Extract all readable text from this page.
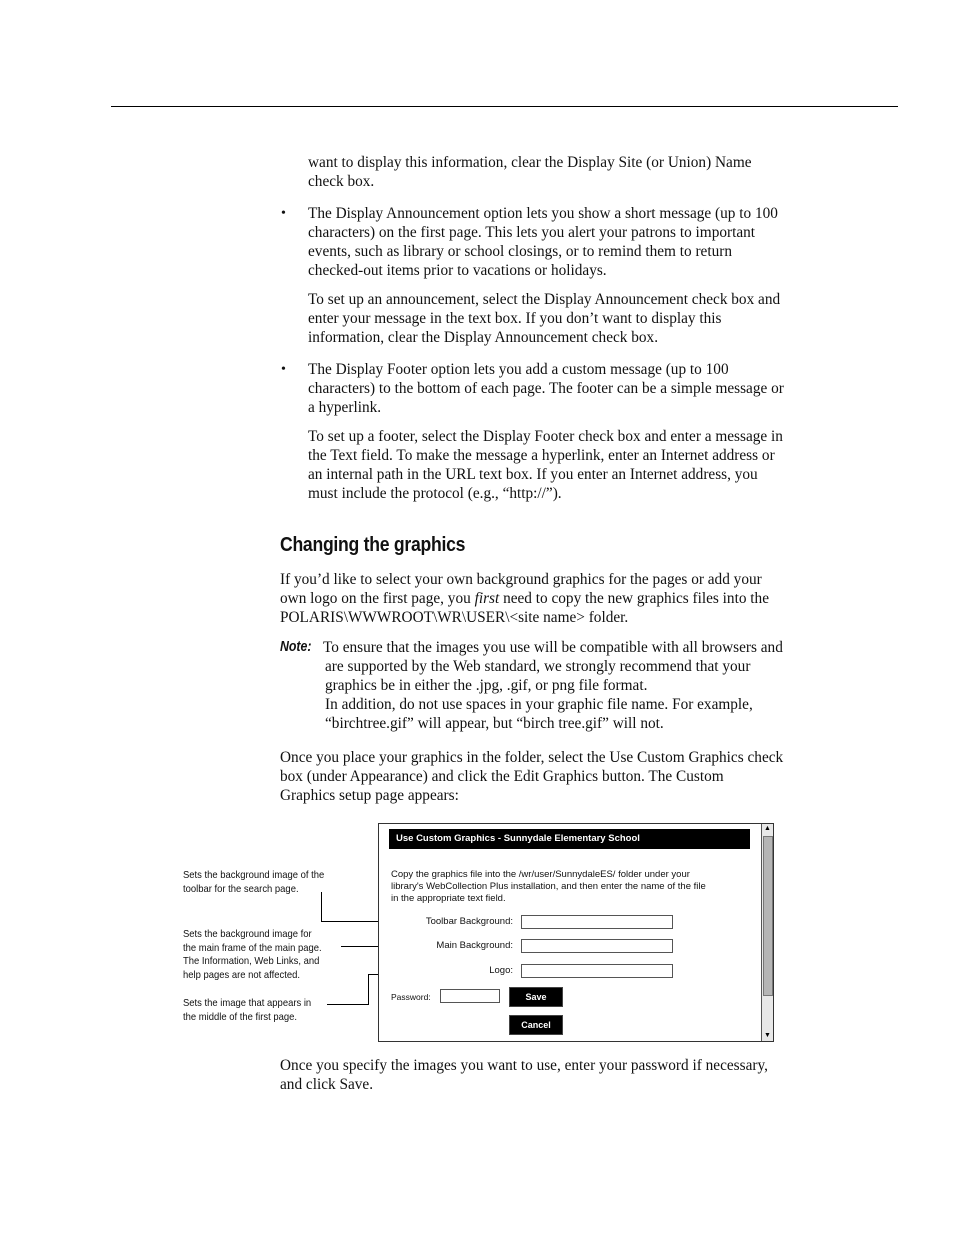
want to display this information, clear the Display Site (or Union) Name
check box.
• The Display Announcement option lets you show a short message (up to 100
characters) on the first page. This lets you alert your patrons to important
events, such as library or school closings, or to remind them to return
checked-out items prior to vacations or holidays.
To set up an announcement, select the Display Announcement check box and
enter your message in the text box. If you don’t want to display this
information, clear the Display Announcement check box.
• The Display Footer option lets you add a custom message (up to 100
characters) to the bottom of each page. The footer can be a simple message or
a hyperlink.
To set up a footer, select the Display Footer check box and enter a message in
the Text field. To make the message a hyperlink, enter an Internet address or
an internal path in the URL text box. If you enter an Internet address, you
must include the protocol (e.g., “http://”).
Changing the graphics
If you’d like to select your own background graphics for the pages or add your
own logo on the first page, you first need to copy the new graphics files into the
POLARIS\WWWROOT\WR\USER\<site name> folder.
Note: To ensure that the images you use will be compatible with all browsers and
are supported by the Web standard, we strongly recommend that your
graphics be in either the .jpg, .gif, or png file format.
In addition, do not use spaces in your graphic file name. For example,
“birchtree.gif” will appear, but “birch tree.gif” will not.
Once you place your graphics in the folder, select the Use Custom Graphics check
box (under Appearance) and click the Edit Graphics button. The Custom
Graphics setup page appears:
Sets the background image of the
toolbar for the search page.
Sets the background image for
the main frame of the main page.
The Information, Web Links, and
help pages are not affected.
Sets the image that appears in
the middle of the first page.
Use Custom Graphics - Sunnydale Elementary School
Copy the graphics file into the /wr/user/SunnydaleES/ folder under your
library's WebCollection Plus installation, and then enter the name of the file
in the appropriate text field.
Toolbar Background:
Main Background:
Logo:
Password:	Save
Cancel
▲
▼
Once you specify the images you want to use, enter your password if necessary,
and click Save.
